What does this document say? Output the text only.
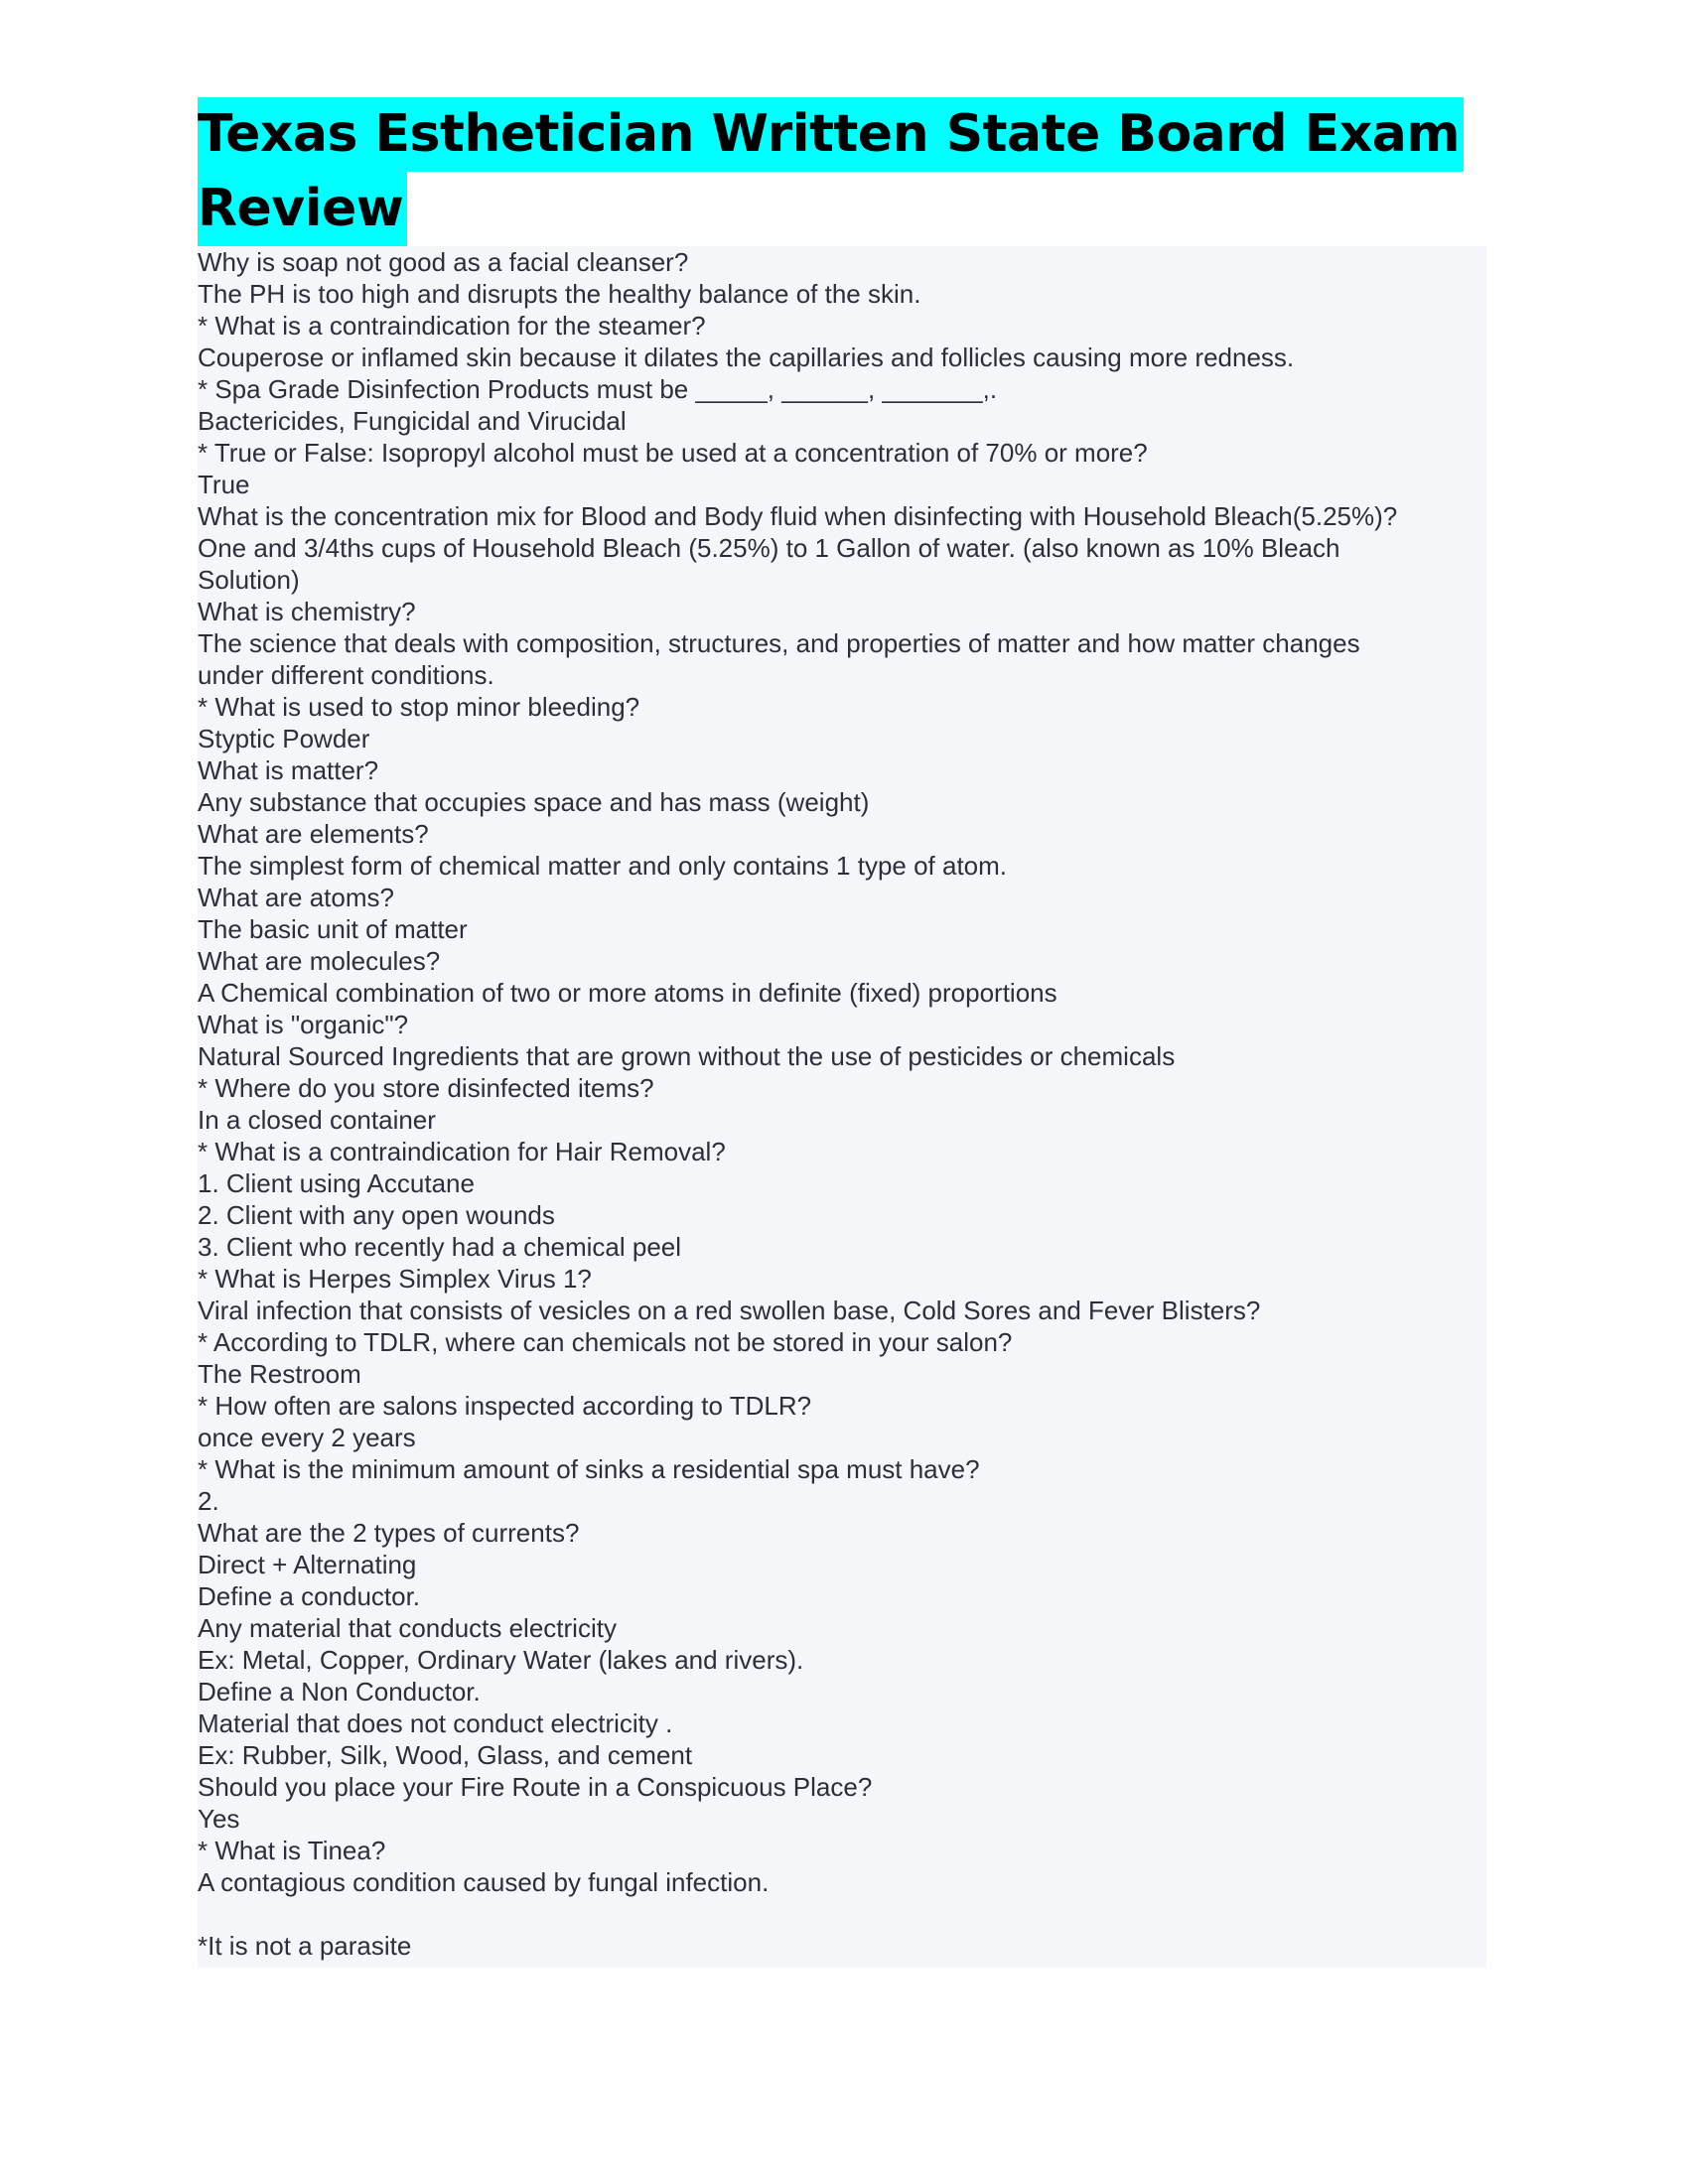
Texas Esthetician Written State Board Exam
Review
Why is soap not good as a facial cleanser?
The PH is too high and disrupts the healthy balance of the skin.
* What is a contraindication for the steamer?
Couperose or inflamed skin because it dilates the capillaries and follicles causing more redness.
* Spa Grade Disinfection Products must be _____, ______, _______,.
Bactericides, Fungicidal and Virucidal
* True or False: Isopropyl alcohol must be used at a concentration of 70% or more?
True
What is the concentration mix for Blood and Body fluid when disinfecting with Household Bleach(5.25%)?
One and 3/4ths cups of Household Bleach (5.25%) to 1 Gallon of water. (also known as 10% Bleach
Solution)
What is chemistry?
The science that deals with composition, structures, and properties of matter and how matter changes
under different conditions.
* What is used to stop minor bleeding?
Styptic Powder
What is matter?
Any substance that occupies space and has mass (weight)
What are elements?
The simplest form of chemical matter and only contains 1 type of atom.
What are atoms?
The basic unit of matter
What are molecules?
A Chemical combination of two or more atoms in definite (fixed) proportions
What is "organic"?
Natural Sourced Ingredients that are grown without the use of pesticides or chemicals
* Where do you store disinfected items?
In a closed container
* What is a contraindication for Hair Removal?
1. Client using Accutane
2. Client with any open wounds
3. Client who recently had a chemical peel
* What is Herpes Simplex Virus 1?
Viral infection that consists of vesicles on a red swollen base, Cold Sores and Fever Blisters?
* According to TDLR, where can chemicals not be stored in your salon?
The Restroom
* How often are salons inspected according to TDLR?
once every 2 years
* What is the minimum amount of sinks a residential spa must have?
2.
What are the 2 types of currents?
Direct + Alternating
Define a conductor.
Any material that conducts electricity
Ex: Metal, Copper, Ordinary Water (lakes and rivers).
Define a Non Conductor.
Material that does not conduct electricity .
Ex: Rubber, Silk, Wood, Glass, and cement
Should you place your Fire Route in a Conspicuous Place?
Yes
* What is Tinea?
A contagious condition caused by fungal infection.
*It is not a parasite
